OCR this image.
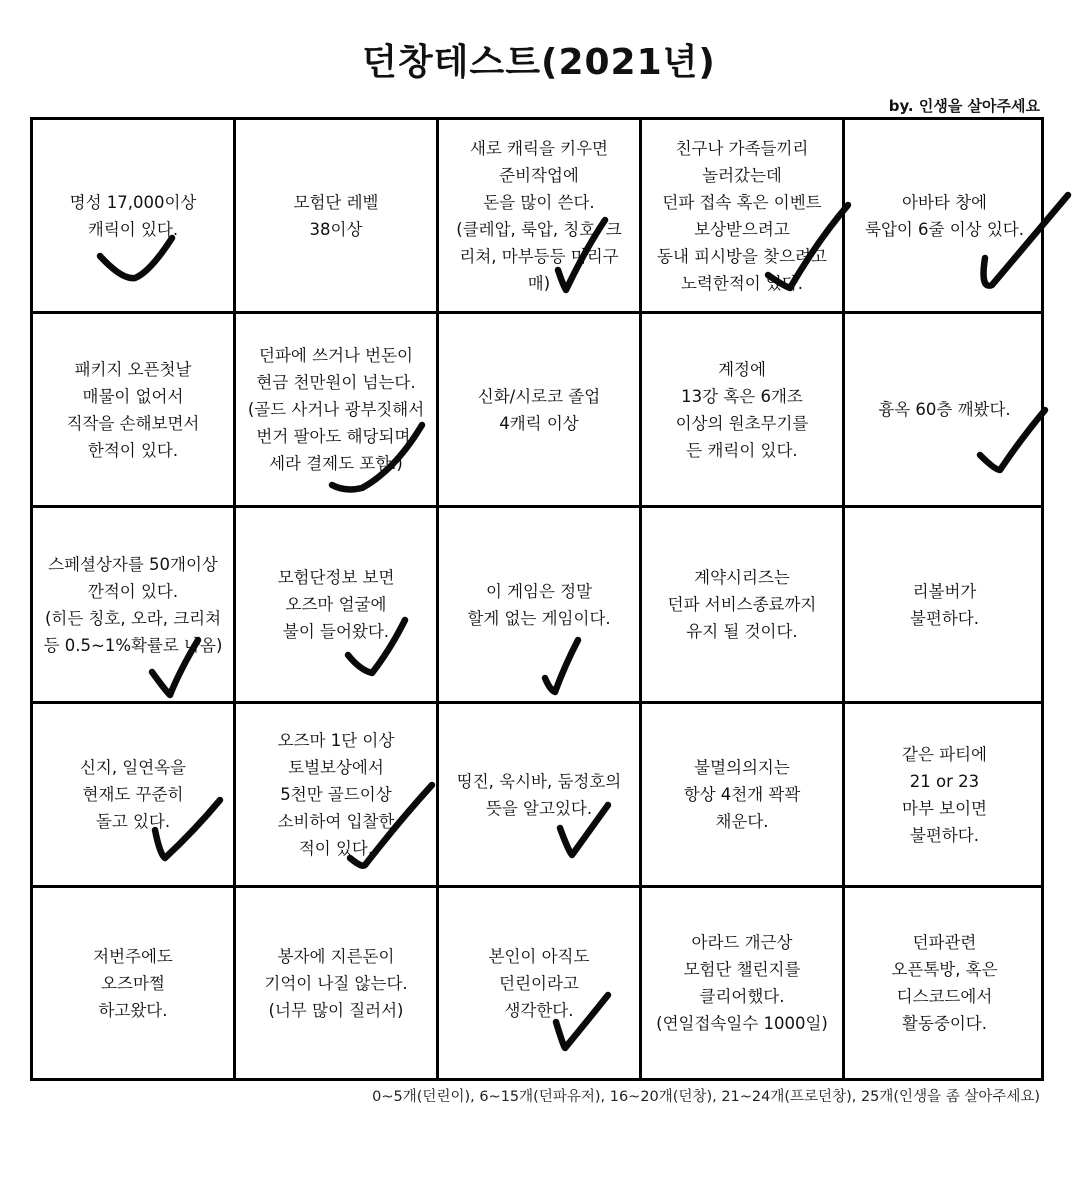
던창테스트(2021년)
by. 인생을 살아주세요
명성 17,000이상
캐릭이 있다.
모험단 레벨
38이상
새로 캐릭을 키우면
준비작업에
돈을 많이 쓴다.
(클레압, 룩압, 칭호, 크
리쳐, 마부등등 미리구
매)
친구나 가족들끼리
놀러갔는데
던파 접속 혹은 이벤트
보상받으려고
동내 피시방을 찾으려고
노력한적이 있다.
아바타 창에
룩압이 6줄 이상 있다.
패키지 오픈첫날
매물이 없어서
직작을 손해보면서
한적이 있다.
던파에 쓰거나 번돈이
현금 천만원이 넘는다.
(골드 사거나 광부짓해서
번거 팔아도 해당되며,
세라 결제도 포함.)
신화/시로코 졸업
4캐릭 이상
계정에
13강 혹은 6개조
이상의 원초무기를
든 캐릭이 있다.
흉옥 60층 깨봤다.
스페셜상자를 50개이상
깐적이 있다.
(히든 칭호, 오라, 크리쳐
등 0.5~1%확률로 나옴)
모험단정보 보면
오즈마 얼굴에
불이 들어왔다.
이 게임은 정말
할게 없는 게임이다.
계약시리즈는
던파 서비스종료까지
유지 될 것이다.
리볼버가
불편하다.
신지, 일연옥을
현재도 꾸준히
돌고 있다.
오즈마 1단 이상
토벌보상에서
5천만 골드이상
소비하여 입찰한
적이 있다.
띵진, 욱시바, 둠정호의
뜻을 알고있다.
불멸의의지는
항상 4천개 꽉꽉
채운다.
같은 파티에
21 or 23
마부 보이면
불편하다.
저번주에도
오즈마쩔
하고왔다.
봉자에 지른돈이
기억이 나질 않는다.
(너무 많이 질러서)
본인이 아직도
던린이라고
생각한다.
아라드 개근상
모험단 챌린지를
클리어했다.
(연일접속일수 1000일)
던파관련
오픈톡방, 혹은
디스코드에서
활동중이다.
0~5개(던린이), 6~15개(던파유저), 16~20개(던창), 21~24개(프로던창), 25개(인생을 좀 살아주세요)
